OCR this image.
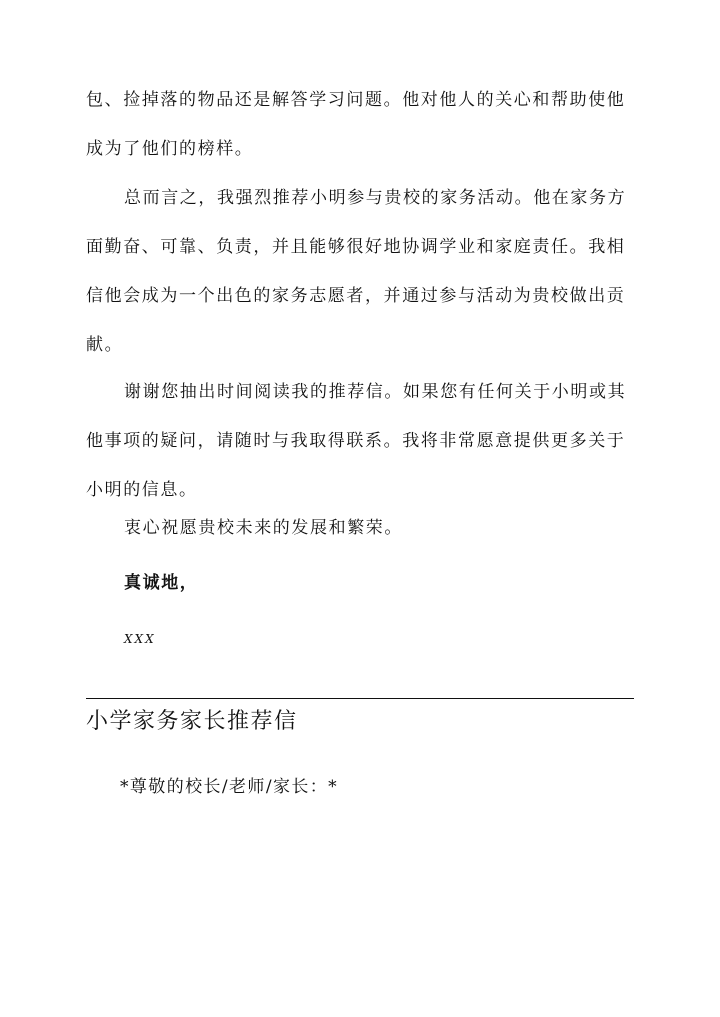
包、捡掉落的物品还是解答学习问题。他对他人的关心和帮助使他成为了他们的榜样。

总而言之，我强烈推荐小明参与贵校的家务活动。他在家务方面勤奋、可靠、负责，并且能够很好地协调学业和家庭责任。我相信他会成为一个出色的家务志愿者，并通过参与活动为贵校做出贡献。

谢谢您抽出时间阅读我的推荐信。如果您有任何关于小明或其他事项的疑问，请随时与我取得联系。我将非常愿意提供更多关于小明的信息。

衷心祝愿贵校未来的发展和繁荣。

真诚地，

XXX

小学家务家长推荐信

*尊敬的校长/老师/家长：*
